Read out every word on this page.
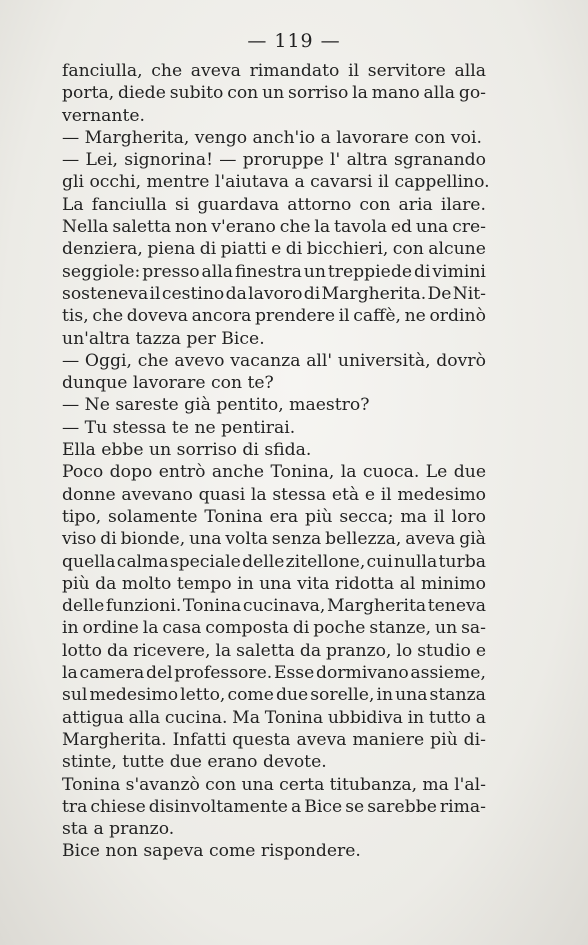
— 119 —
fanciulla, che aveva rimandato il servitore alla
porta, diede subito con un sorriso la mano alla go-
vernante.
— Margherita, vengo anch'io a lavorare con voi.
— Lei, signorina! — proruppe l' altra sgranando
gli occhi, mentre l'aiutava a cavarsi il cappellino.
La fanciulla si guardava attorno con aria ilare.
Nella saletta non v'erano che la tavola ed una cre-
denziera, piena di piatti e di bicchieri, con alcune
seggiole: presso alla finestra un treppiede di vimini
sosteneva il cestino da lavoro di Margherita. De Nit-
tis, che doveva ancora prendere il caffè, ne ordinò
un'altra tazza per Bice.
— Oggi, che avevo vacanza all' università, dovrò
dunque lavorare con te?
— Ne sareste già pentito, maestro?
— Tu stessa te ne pentirai.
Ella ebbe un sorriso di sfida.
Poco dopo entrò anche Tonina, la cuoca. Le due
donne avevano quasi la stessa età e il medesimo
tipo, solamente Tonina era più secca; ma il loro
viso di bionde, una volta senza bellezza, aveva già
quella calma speciale delle zitellone, cui nulla turba
più da molto tempo in una vita ridotta al minimo
delle funzioni. Tonina cucinava, Margherita teneva
in ordine la casa composta di poche stanze, un sa-
lotto da ricevere, la saletta da pranzo, lo studio e
la camera del professore. Esse dormivano assieme,
sul medesimo letto, come due sorelle, in una stanza
attigua alla cucina. Ma Tonina ubbidiva in tutto a
Margherita. Infatti questa aveva maniere più di-
stinte, tutte due erano devote.
Tonina s'avanzò con una certa titubanza, ma l'al-
tra chiese disinvoltamente a Bice se sarebbe rima-
sta a pranzo.
Bice non sapeva come rispondere.
